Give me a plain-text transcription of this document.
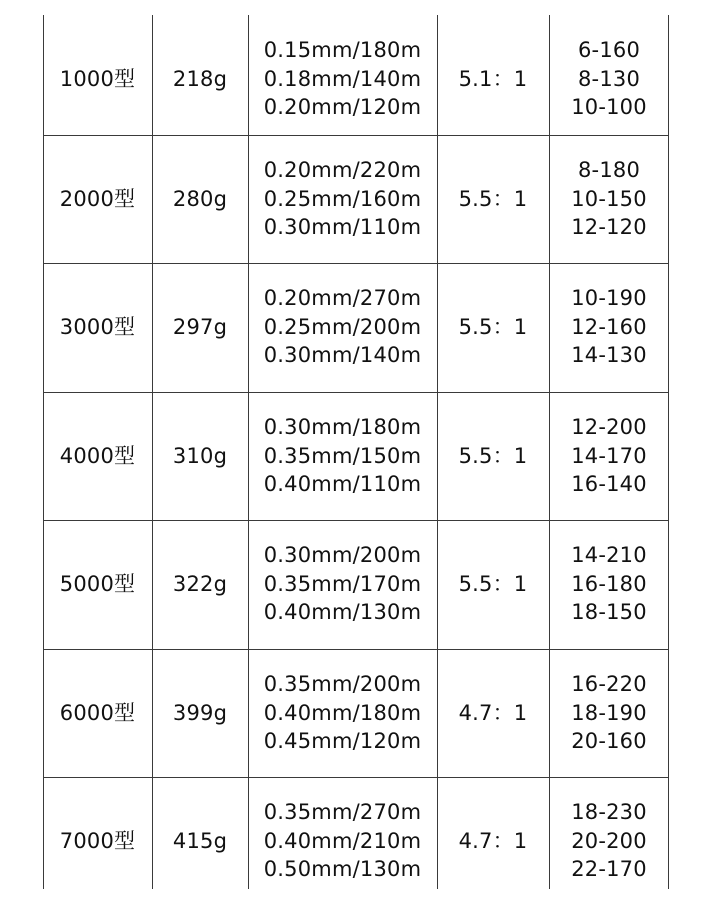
1000型 218g
0.15mm/180m
0.18mm/140m
0.20mm/120m
5.1：1
6-160
8-130
10-100
2000型 280g
0.20mm/220m
0.25mm/160m
0.30mm/110m
5.5：1
8-180
10-150
12-120
3000型 297g
0.20mm/270m
0.25mm/200m
0.30mm/140m
5.5：1
10-190
12-160
14-130
4000型 310g
0.30mm/180m
0.35mm/150m
0.40mm/110m
5.5：1
12-200
14-170
16-140
5000型 322g
0.30mm/200m
0.35mm/170m
0.40mm/130m
5.5：1
14-210
16-180
18-150
6000型 399g
0.35mm/200m
0.40mm/180m
0.45mm/120m
4.7：1
16-220
18-190
20-160
7000型 415g
0.35mm/270m
0.40mm/210m
0.50mm/130m
4.7：1
18-230
20-200
22-170
